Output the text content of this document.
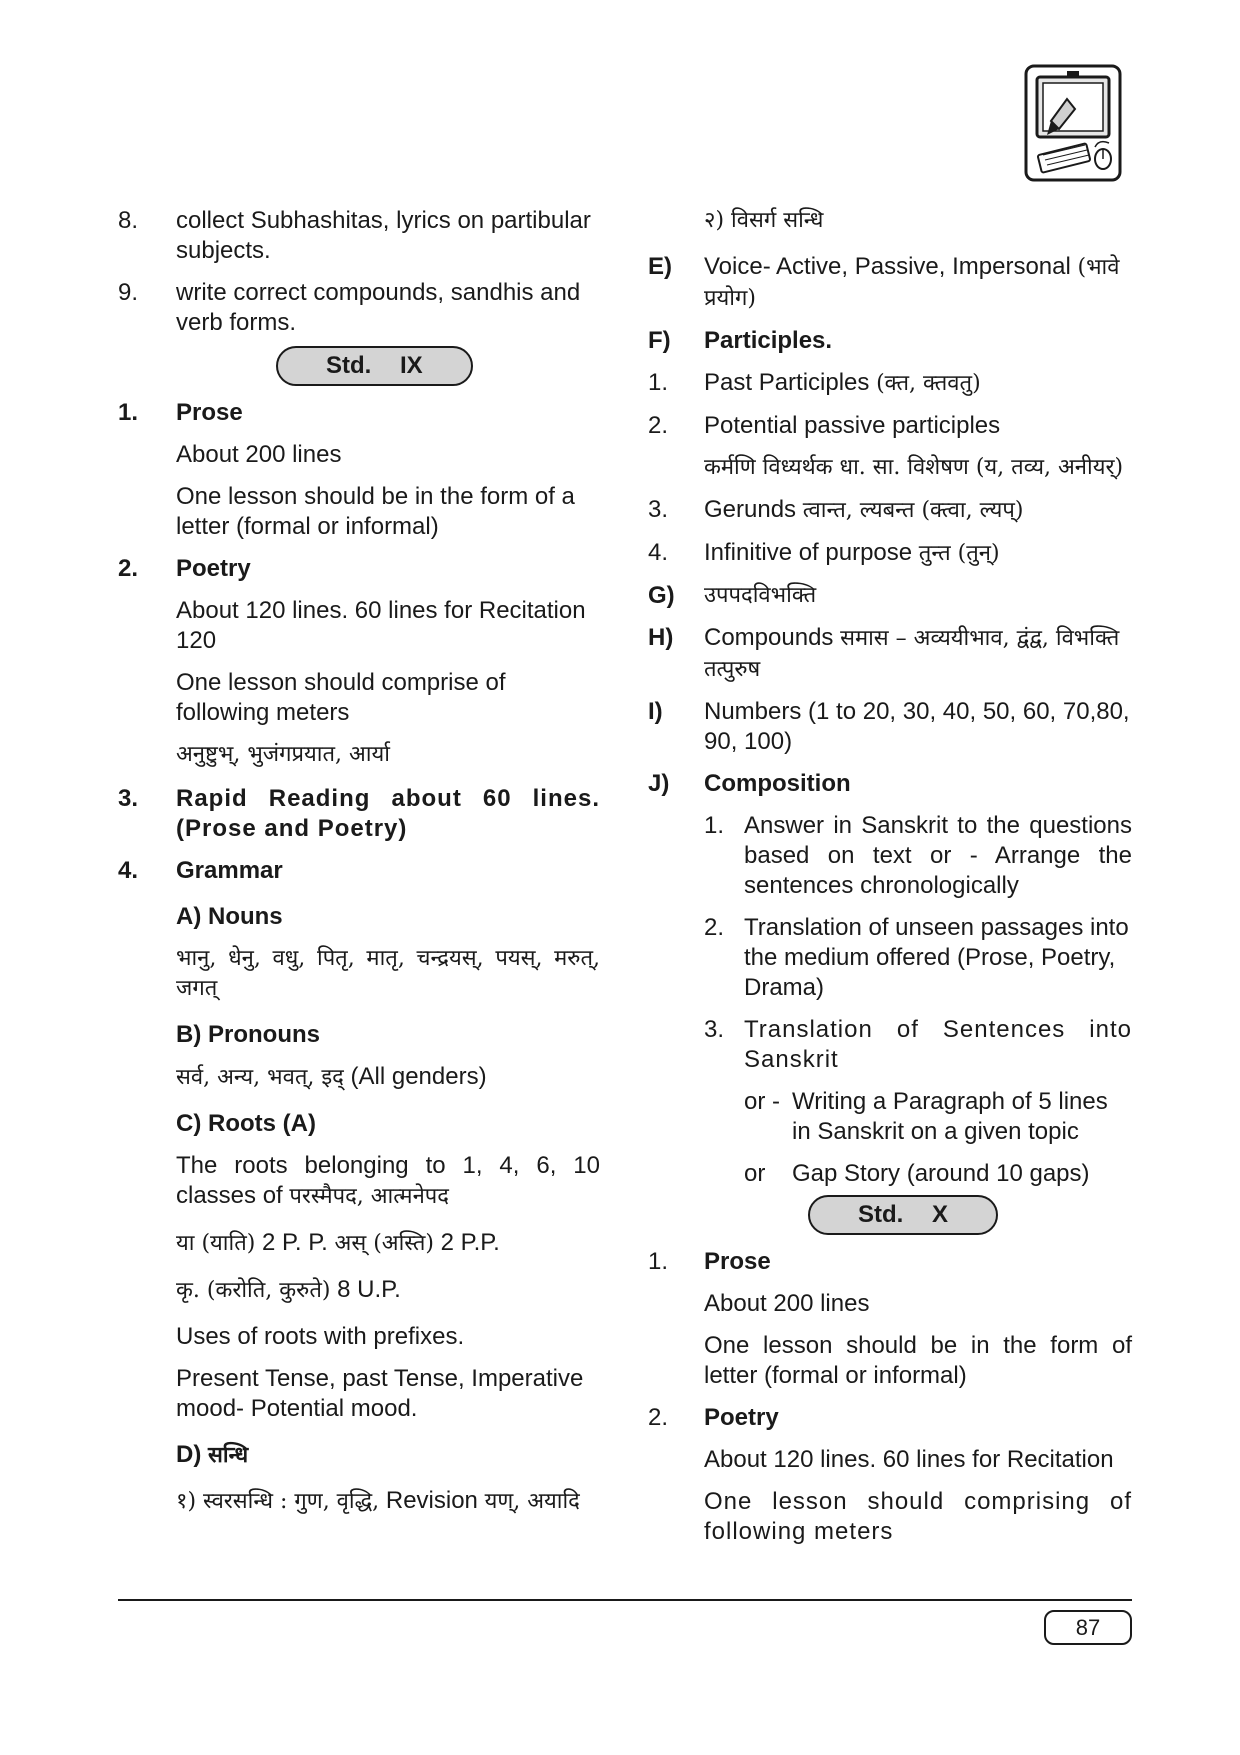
8.	collect Subhashitas, lyrics on partibular subjects.
9.	write correct compounds, sandhis and verb forms.
Std. IX
1.	Prose
About 200 lines
One lesson should be in the form of a letter (formal or informal)
2.	Poetry
About 120 lines. 60 lines for Recitation 120
One lesson should comprise of following meters
अनुष्टुभ्, भुजंगप्रयात, आर्या
3.	Rapid Reading about 60 lines. (Prose and Poetry)
4.	Grammar
A) Nouns
भानु, धेनु, वधु, पितृ, मातृ, चन्द्रयस्, पयस्, मरुत्, जगत्
B) Pronouns
सर्व, अन्य, भवत्, इद् (All genders)
C) Roots (A)
The roots belonging to 1, 4, 6, 10 classes of परस्मैपद, आत्मनेपद
या (याति) 2 P. P. अस् (अस्ति) 2 P.P.
कृ. (करोति, कुरुते) 8 U.P.
Uses of roots with prefixes.
Present Tense, past Tense, Imperative mood- Potential mood.
D) सन्धि
१) स्वरसन्धि : गुण, वृद्धि, Revision यण्, अयादि
२) विसर्ग सन्धि
E)	Voice- Active, Passive, Impersonal (भावे प्रयोग)
F)	Participles.
1.	Past Participles (क्त, क्तवतु)
2.	Potential passive participles
कर्मणि विध्यर्थक धा. सा. विशेषण (य, तव्य, अनीयर्)
3.	Gerunds त्वान्त, ल्यबन्त (क्त्वा, ल्यप्)
4.	Infinitive of purpose तुन्त (तुन्)
G)	उपपदविभक्ति
H)	Compounds समास – अव्ययीभाव, द्वंद्व, विभक्ति तत्पुरुष
I)	Numbers (1 to 20, 30, 40, 50, 60, 70,80, 90, 100)
J)	Composition
1. Answer in Sanskrit to the questions based on text or - Arrange the sentences chronologically
2. Translation of unseen passages into the medium offered (Prose, Poetry, Drama)
3. Translation of Sentences into Sanskrit
or - Writing a Paragraph of 5 lines in Sanskrit on a given topic
or	Gap Story (around 10 gaps)
Std. X
1.	Prose
About 200 lines
One lesson should be in the form of letter (formal or informal)
2.	Poetry
About 120 lines. 60 lines for Recitation
One lesson should comprising of following meters
87
